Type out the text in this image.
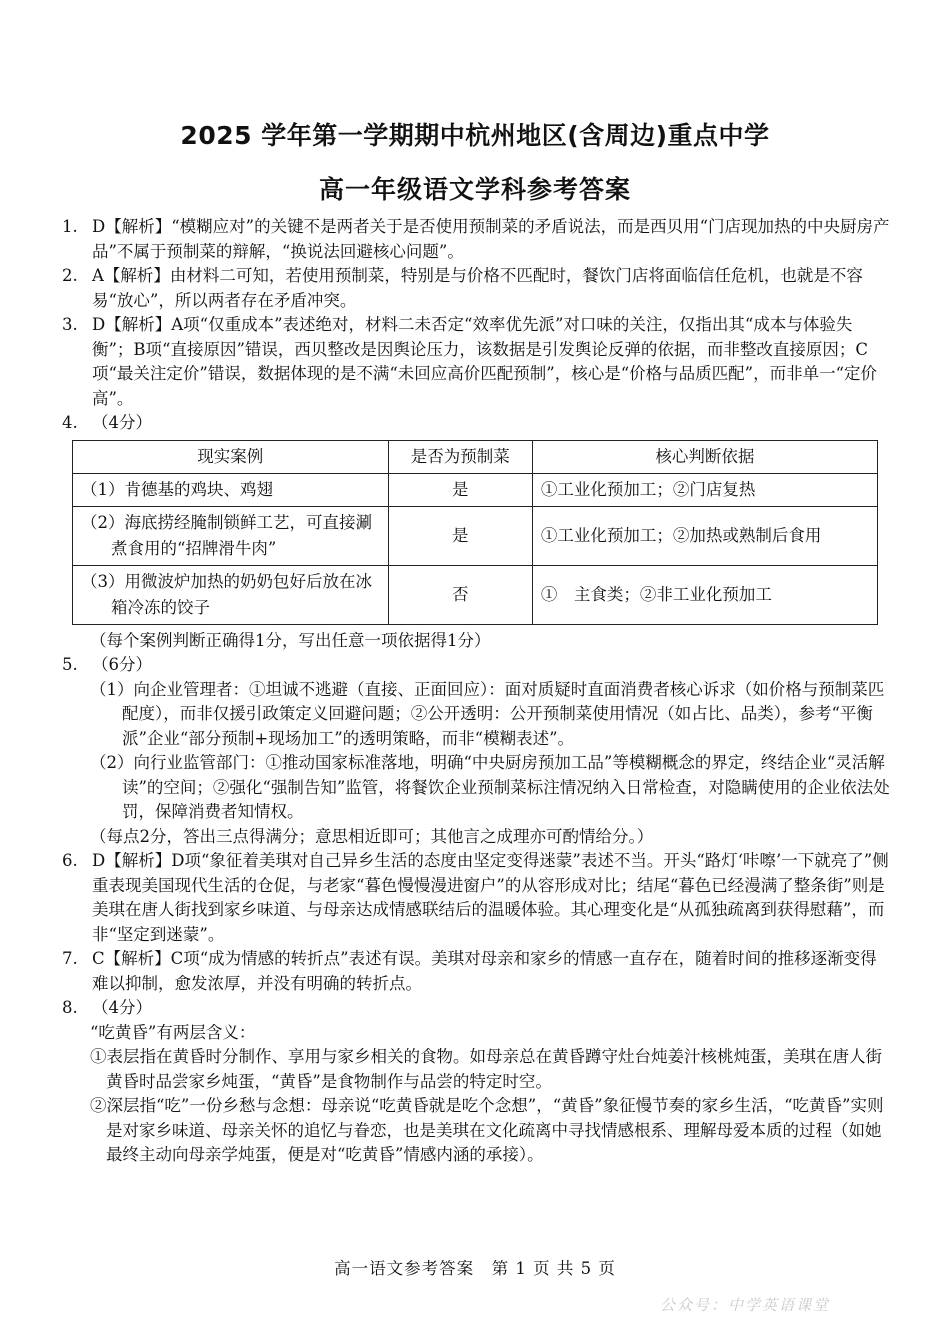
2025 学年第一学期期中杭州地区(含周边)重点中学
高一年级语文学科参考答案
1. D【解析】“模糊应对”的关键不是两者关于是否使用预制菜的矛盾说法，而是西贝用“门店现加热的中央厨房产品”不属于预制菜的辩解，“换说法回避核心问题”。
2. A【解析】由材料二可知，若使用预制菜，特别是与价格不匹配时，餐饮门店将面临信任危机，也就是不容易“放心”，所以两者存在矛盾冲突。
3. D【解析】A项“仅重成本”表述绝对，材料二未否定“效率优先派”对口味的关注，仅指出其“成本与体验失衡”；B项“直接原因”错误，西贝整改是因舆论压力，该数据是引发舆论反弹的依据，而非整改直接原因；C项“最关注定价”错误，数据体现的是不满“未回应高价匹配预制”，核心是“价格与品质匹配”，而非单一“定价高”。
4. （4分）
现实案例	是否为预制菜	核心判断依据

（1）肯德基的鸡块、鸡翅	是	①工业化预加工；②门店复热

（2）海底捞经腌制锁鲜工艺，可直接涮煮食用的“招牌滑牛肉”	是	①工业化预加工；②加热或熟制后食用

（3）用微波炉加热的奶奶包好后放在冰箱冷冻的饺子	否	①　主食类；②非工业化预加工
（每个案例判断正确得1分，写出任意一项依据得1分）
5. （6分）
（1）向企业管理者：①坦诚不逃避（直接、正面回应）：面对质疑时直面消费者核心诉求（如价格与预制菜匹配度），而非仅援引政策定义回避问题；②公开透明：公开预制菜使用情况（如占比、品类），参考“平衡派”企业“部分预制+现场加工”的透明策略，而非“模糊表述”。
（2）向行业监管部门：①推动国家标准落地，明确“中央厨房预加工品”等模糊概念的界定，终结企业“灵活解读”的空间；②强化“强制告知”监管，将餐饮企业预制菜标注情况纳入日常检查，对隐瞒使用的企业依法处罚，保障消费者知情权。
（每点2分，答出三点得满分；意思相近即可；其他言之成理亦可酌情给分。）
6. D【解析】D项“象征着美琪对自己异乡生活的态度由坚定变得迷蒙”表述不当。开头“路灯‘咔嚓’一下就亮了”侧重表现美国现代生活的仓促，与老家“暮色慢慢漫进窗户”的从容形成对比；结尾“暮色已经漫满了整条街”则是美琪在唐人街找到家乡味道、与母亲达成情感联结后的温暖体验。其心理变化是“从孤独疏离到获得慰藉”，而非“坚定到迷蒙”。
7. C【解析】C项“成为情感的转折点”表述有误。美琪对母亲和家乡的情感一直存在，随着时间的推移逐渐变得难以抑制，愈发浓厚，并没有明确的转折点。
8. （4分）
“吃黄昏”有两层含义：
①表层指在黄昏时分制作、享用与家乡相关的食物。如母亲总在黄昏蹲守灶台炖姜汁核桃炖蛋，美琪在唐人街黄昏时品尝家乡炖蛋，“黄昏”是食物制作与品尝的特定时空。
②深层指“吃”一份乡愁与念想：母亲说“吃黄昏就是吃个念想”，“黄昏”象征慢节奏的家乡生活，“吃黄昏”实则是对家乡味道、母亲关怀的追忆与眷恋，也是美琪在文化疏离中寻找情感根系、理解母爱本质的过程（如她最终主动向母亲学炖蛋，便是对“吃黄昏”情感内涵的承接）。
高一语文参考答案　第 1 页 共 5 页
公众号：中学英语课堂
